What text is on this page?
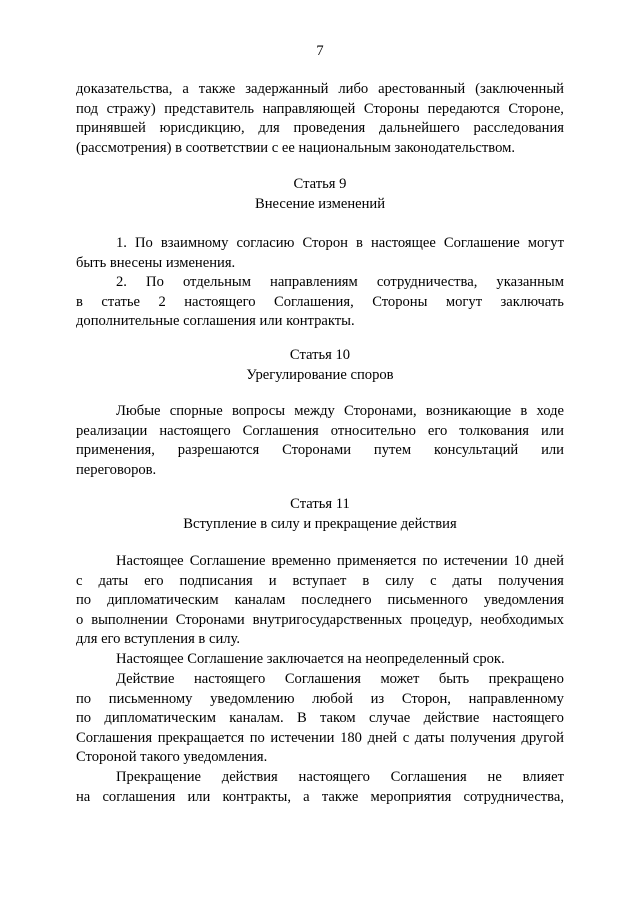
7
доказательства, а также задержанный либо арестованный (заключенный
под стражу) представитель направляющей Стороны передаются Стороне,
принявшей юрисдикцию, для проведения дальнейшего расследования
(рассмотрения) в соответствии с ее национальным законодательством.
Статья 9
Внесение изменений
1. По взаимному согласию Сторон в настоящее Соглашение могут
быть внесены изменения.
2. По отдельным направлениям сотрудничества, указанным
в статье 2 настоящего Соглашения, Стороны могут заключать
дополнительные соглашения или контракты.
Статья 10
Урегулирование споров
Любые спорные вопросы между Сторонами, возникающие в ходе
реализации настоящего Соглашения относительно его толкования или
применения, разрешаются Сторонами путем консультаций или
переговоров.
Статья 11
Вступление в силу и прекращение действия
Настоящее Соглашение временно применяется по истечении 10 дней
с даты его подписания и вступает в силу с даты получения
по дипломатическим каналам последнего письменного уведомления
о выполнении Сторонами внутригосударственных процедур, необходимых
для его вступления в силу.
Настоящее Соглашение заключается на неопределенный срок.
Действие настоящего Соглашения может быть прекращено
по письменному уведомлению любой из Сторон, направленному
по дипломатическим каналам. В таком случае действие настоящего
Соглашения прекращается по истечении 180 дней с даты получения другой
Стороной такого уведомления.
Прекращение действия настоящего Соглашения не влияет
на соглашения или контракты, а также мероприятия сотрудничества,
